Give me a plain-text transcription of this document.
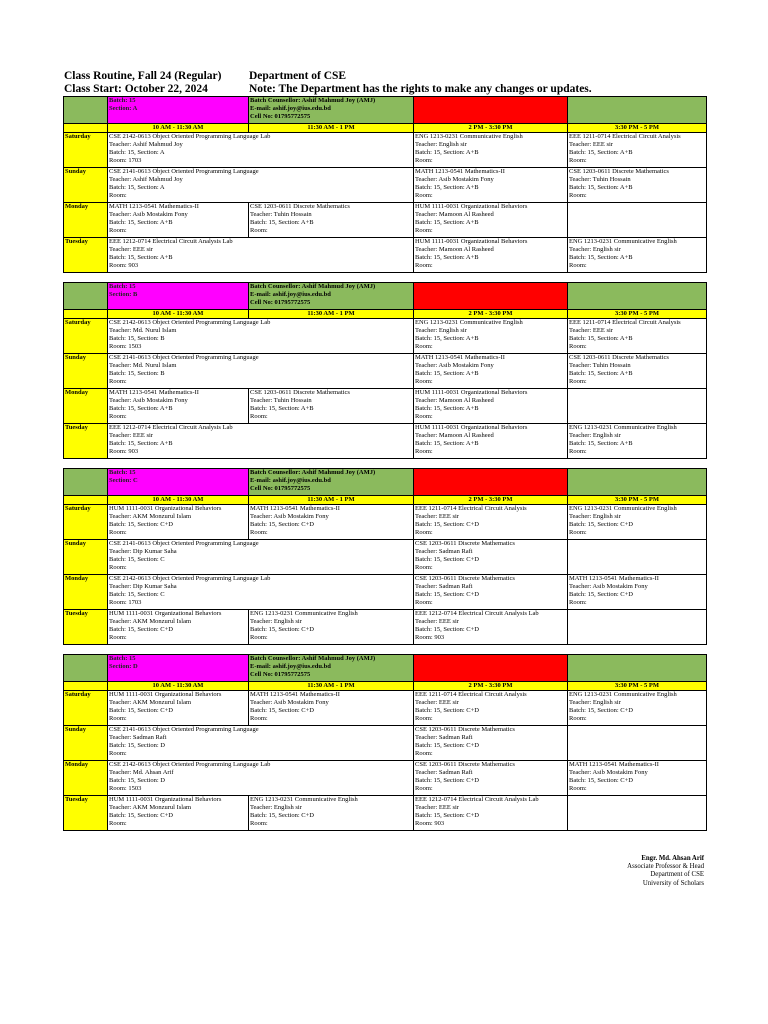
Class Routine, Fall 24 (Regular)	Department of CSE
Class Start: October 22, 2024	Note: The Department has the rights to make any changes or updates.

	Batch: 15
Section: A	Batch Counsellor: Ashif Mahmud Joy (AMJ)
E-mail: ashif.joy@ius.edu.bd
Cell No: 01795772575		

	10 AM - 11:30 AM	11:30 AM - 1 PM	2 PM - 3:30 PM	3:30 PM - 5 PM
Saturday	CSE 2142-0613 Object Oriented Programming Language Lab
Teacher: Ashif Mahmud Joy
Batch: 15, Section: A
Room: 1703		ENG 1213-0231 Communicative English
Teacher: English sir
Batch: 15, Section: A+B
Room:	EEE 1211-0714 Electrical Circuit Analysis
Teacher: EEE sir
Batch: 15, Section: A+B
Room:

Sunday	CSE 2141-0613 Object Oriented Programming Language
Teacher: Ashif Mahmud Joy
Batch: 15, Section: A
Room:		MATH 1213-0541 Mathematics-II
Teacher: Asib Mostakim Fony
Batch: 15, Section: A+B
Room:	CSE 1203-0611 Discrete Mathematics
Teacher: Tuhin Hossain
Batch: 15, Section: A+B
Room:

Monday	MATH 1213-0541 Mathematics-II
Teacher: Asib Mostakim Fony
Batch: 15, Section: A+B
Room:	CSE 1203-0611 Discrete Mathematics
Teacher: Tuhin Hossain
Batch: 15, Section: A+B
Room:	HUM 1111-0031 Organizational Behaviors
Teacher: Mamoon Al Rasheed
Batch: 15, Section: A+B
Room:	

Tuesday	EEE 1212-0714 Electrical Circuit Analysis Lab
Teacher: EEE sir
Batch: 15, Section: A+B
Room: 903		HUM 1111-0031 Organizational Behaviors
Teacher: Mamoon Al Rasheed
Batch: 15, Section: A+B
Room:	ENG 1213-0231 Communicative English
Teacher: English sir
Batch: 15, Section: A+B
Room:

	Batch: 15
Section: B	Batch Counsellor: Ashif Mahmud Joy (AMJ)
E-mail: ashif.joy@ius.edu.bd
Cell No: 01795772575		

	10 AM - 11:30 AM	11:30 AM - 1 PM	2 PM - 3:30 PM	3:30 PM - 5 PM
Saturday	CSE 2142-0613 Object Oriented Programming Language Lab
Teacher: Md. Nurul Islam
Batch: 15, Section: B
Room: 1503		ENG 1213-0231 Communicative English
Teacher: English sir
Batch: 15, Section: A+B
Room:	EEE 1211-0714 Electrical Circuit Analysis
Teacher: EEE sir
Batch: 15, Section: A+B
Room:

Sunday	CSE 2141-0613 Object Oriented Programming Language
Teacher: Md. Nurul Islam
Batch: 15, Section: B
Room:		MATH 1213-0541 Mathematics-II
Teacher: Asib Mostakim Fony
Batch: 15, Section: A+B
Room:	CSE 1203-0611 Discrete Mathematics
Teacher: Tuhin Hossain
Batch: 15, Section: A+B
Room:

Monday	MATH 1213-0541 Mathematics-II
Teacher: Asib Mostakim Fony
Batch: 15, Section: A+B
Room:	CSE 1203-0611 Discrete Mathematics
Teacher: Tuhin Hossain
Batch: 15, Section: A+B
Room:	HUM 1111-0031 Organizational Behaviors
Teacher: Mamoon Al Rasheed
Batch: 15, Section: A+B
Room:	

Tuesday	EEE 1212-0714 Electrical Circuit Analysis Lab
Teacher: EEE sir
Batch: 15, Section: A+B
Room: 903		HUM 1111-0031 Organizational Behaviors
Teacher: Mamoon Al Rasheed
Batch: 15, Section: A+B
Room:	ENG 1213-0231 Communicative English
Teacher: English sir
Batch: 15, Section: A+B
Room:

	Batch: 15
Section: C	Batch Counsellor: Ashif Mahmud Joy (AMJ)
E-mail: ashif.joy@ius.edu.bd
Cell No: 01795772575		

	10 AM - 11:30 AM	11:30 AM - 1 PM	2 PM - 3:30 PM	3:30 PM - 5 PM
Saturday	HUM 1111-0031 Organizational Behaviors
Teacher: AKM Monzurul Islam
Batch: 15, Section: C+D
Room:	MATH 1213-0541 Mathematics-II
Teacher: Asib Mostakim Fony
Batch: 15, Section: C+D
Room:	EEE 1211-0714 Electrical Circuit Analysis
Teacher: EEE sir
Batch: 15, Section: C+D
Room:	ENG 1213-0231 Communicative English
Teacher: English sir
Batch: 15, Section: C+D
Room:

Sunday	CSE 2141-0613 Object Oriented Programming Language
Teacher: Dip Kumar Saha
Batch: 15, Section: C
Room:		CSE 1203-0611 Discrete Mathematics
Teacher: Sadman Rafi
Batch: 15, Section: C+D
Room:	

Monday	CSE 2142-0613 Object Oriented Programming Language Lab
Teacher: Dip Kumar Saha
Batch: 15, Section: C
Room: 1703		CSE 1203-0611 Discrete Mathematics
Teacher: Sadman Rafi
Batch: 15, Section: C+D
Room:	MATH 1213-0541 Mathematics-II
Teacher: Asib Mostakim Fony
Batch: 15, Section: C+D
Room:

Tuesday	HUM 1111-0031 Organizational Behaviors
Teacher: AKM Monzurul Islam
Batch: 15, Section: C+D
Room:	ENG 1213-0231 Communicative English
Teacher: English sir
Batch: 15, Section: C+D
Room:	EEE 1212-0714 Electrical Circuit Analysis Lab
Teacher: EEE sir
Batch: 15, Section: C+D
Room: 903	

	Batch: 15
Section: D	Batch Counsellor: Ashif Mahmud Joy (AMJ)
E-mail: ashif.joy@ius.edu.bd
Cell No: 01795772575		

	10 AM - 11:30 AM	11:30 AM - 1 PM	2 PM - 3:30 PM	3:30 PM - 5 PM
Saturday	HUM 1111-0031 Organizational Behaviors
Teacher: AKM Monzurul Islam
Batch: 15, Section: C+D
Room:	MATH 1213-0541 Mathematics-II
Teacher: Asib Mostakim Fony
Batch: 15, Section: C+D
Room:	EEE 1211-0714 Electrical Circuit Analysis
Teacher: EEE sir
Batch: 15, Section: C+D
Room:	ENG 1213-0231 Communicative English
Teacher: English sir
Batch: 15, Section: C+D
Room:

Sunday	CSE 2141-0613 Object Oriented Programming Language
Teacher: Sadman Rafi
Batch: 15, Section: D
Room:		CSE 1203-0611 Discrete Mathematics
Teacher: Sadman Rafi
Batch: 15, Section: C+D
Room:	

Monday	CSE 2142-0613 Object Oriented Programming Language Lab
Teacher: Md. Ahsan Arif
Batch: 15, Section: D
Room: 1503		CSE 1203-0611 Discrete Mathematics
Teacher: Sadman Rafi
Batch: 15, Section: C+D
Room:	MATH 1213-0541 Mathematics-II
Teacher: Asib Mostakim Fony
Batch: 15, Section: C+D
Room:

Tuesday	HUM 1111-0031 Organizational Behaviors
Teacher: AKM Monzurul Islam
Batch: 15, Section: C+D
Room:	ENG 1213-0231 Communicative English
Teacher: English sir
Batch: 15, Section: C+D
Room:	EEE 1212-0714 Electrical Circuit Analysis Lab
Teacher: EEE sir
Batch: 15, Section: C+D
Room: 903	

Engr. Md. Ahsan Arif
Associate Professor & Head
Department of CSE
University of Scholars
